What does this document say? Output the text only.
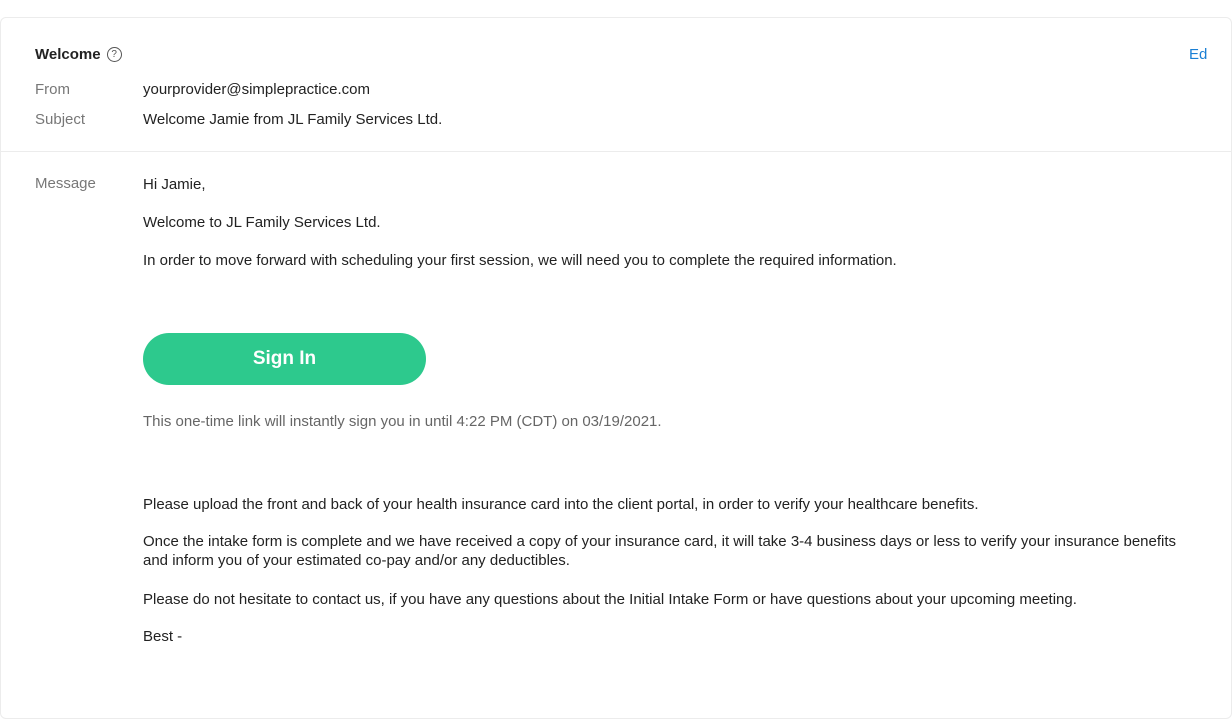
Welcome	?	Ed
From	yourprovider@simplepractice.com
Subject	Welcome Jamie from JL Family Services Ltd.
Message	Hi Jamie,

Welcome to JL Family Services Ltd.

In order to move forward with scheduling your first session, we will need you to complete the required information.

Sign In

This one-time link will instantly sign you in until 4:22 PM (CDT) on 03/19/2021.

Please upload the front and back of your health insurance card into the client portal, in order to verify your healthcare benefits.

Once the intake form is complete and we have received a copy of your insurance card, it will take 3-4 business days or less to verify your insurance benefits and inform you of your estimated co-pay and/or any deductibles.

Please do not hesitate to contact us, if you have any questions about the Initial Intake Form or have questions about your upcoming meeting.

Best -
